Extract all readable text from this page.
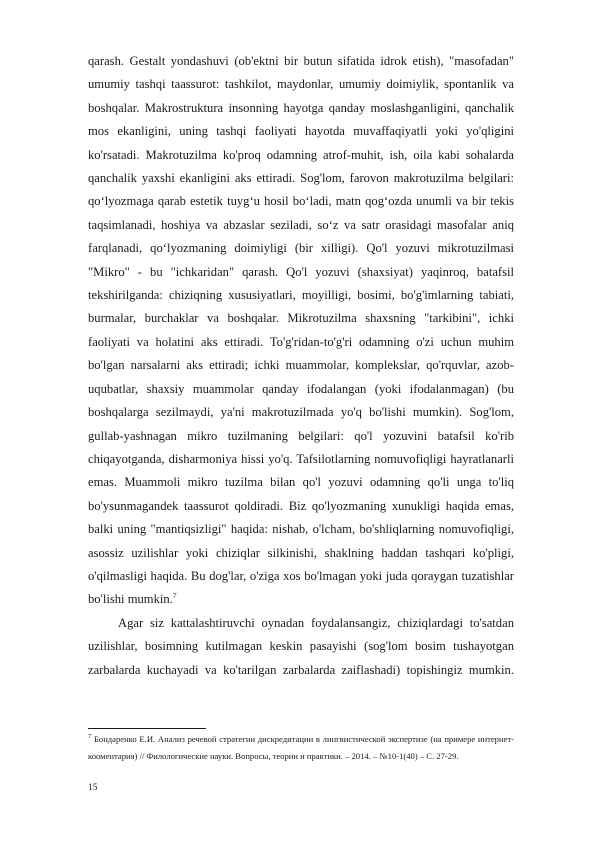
qarash. Gestalt yondashuvi (ob'ektni bir butun sifatida idrok etish), "masofadan" umumiy tashqi taassurot: tashkilot, maydonlar, umumiy doimiylik, spontanlik va boshqalar. Makrostruktura insonning hayotga qanday moslashganligini, qanchalik mos ekanligini, uning tashqi faoliyati hayotda muvaffaqiyatli yoki yo'qligini ko'rsatadi. Makrotuzilma ko'proq odamning atrof-muhit, ish, oila kabi sohalarda qanchalik yaxshi ekanligini aks ettiradi. Sog'lom, farovon makrotuzilma belgilari: qo‘lyozmaga qarab estetik tuyg‘u hosil bo‘ladi, matn qog‘ozda unumli va bir tekis taqsimlanadi, hoshiya va abzaslar seziladi, so‘z va satr orasidagi masofalar aniq farqlanadi, qo‘lyozmaning doimiyligi (bir xilligi). Qo'l yozuvi mikrotuzilmasi "Mikro" - bu "ichkaridan" qarash. Qo'l yozuvi (shaxsiyat) yaqinroq, batafsil tekshirilganda: chiziqning xususiyatlari, moyilligi, bosimi, bo'g'imlarning tabiati, burmalar, burchaklar va boshqalar. Mikrotuzilma shaxsning "tarkibini", ichki faoliyati va holatini aks ettiradi. To'g'ridan-to'g'ri odamning o'zi uchun muhim bo'lgan narsalarni aks ettiradi; ichki muammolar, komplekslar, qo'rquvlar, azob-uqubatlar, shaxsiy muammolar qanday ifodalangan (yoki ifodalanmagan) (bu boshqalarga sezilmaydi, ya'ni makrotuzilmada yo'q bo'lishi mumkin). Sog'lom, gullab-yashnagan mikro tuzilmaning belgilari: qo'l yozuvini batafsil ko'rib chiqayotganda, disharmoniya hissi yo'q. Tafsilotlarning nomuvofiqligi hayratlanarli emas. Muammoli mikro tuzilma bilan qo'l yozuvi odamning qo'li unga to'liq bo'ysunmagandek taassurot qoldiradi. Biz qo'lyozmaning xunukligi haqida emas, balki uning "mantiqsizligi" haqida: nishab, o'lcham, bo'shliqlarning nomuvofiqligi, asossiz uzilishlar yoki chiziqlar silkinishi, shaklning haddan tashqari ko'pligi, o'qilmasligi haqida. Bu dog'lar, o'ziga xos bo'lmagan yoki juda qoraygan tuzatishlar bo'lishi mumkin.$^7$

Agar siz kattalashtiruvchi oynadan foydalansangiz, chiziqlardagi to'satdan uzilishlar, bosimning kutilmagan keskin pasayishi (sog'lom bosim tushayotgan zarbalarda kuchayadi va ko'tarilgan zarbalarda zaiflashadi) topishingiz mumkin.

$^7$ Бондаренко Е.И. Анализ речевой стратегии дискредитации в лингвистической экспертизе (на примере интернет-кооментария) // Филологические науки. Вопросы, теории и практики. – 2014. – №10-1(40) – С. 27-29.

15
